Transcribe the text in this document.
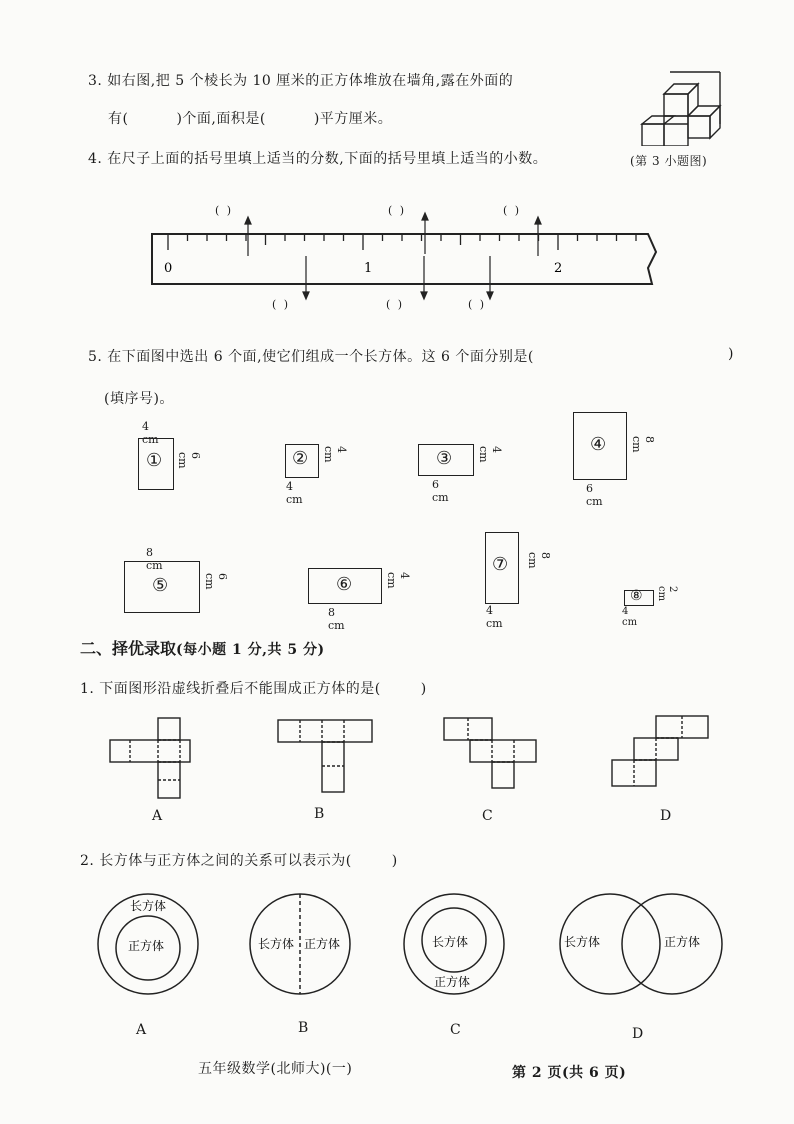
3. 如右图,把 5 个棱长为 10 厘米的正方体堆放在墙角,露在外面的
有(	)个面,面积是(	)平方厘米。
(第 3 小题图)
4. 在尺子上面的括号里填上适当的分数,下面的括号里填上适当的小数。
( )	( )	( )
( )	( )	( )
0	1	2
5. 在下面图中选出 6 个面,使它们组成一个长方体。这 6 个面分别是(	)
(填序号)。
4 cm
①	6 cm	②	4 cm
4 cm
③	4 cm
6 cm
④	8 cm
6 cm
8 cm
⑤	6 cm	⑥	4 cm
8 cm
⑦	8 cm
4 cm
⑧	2 cm
4 cm
二、择优录取(每小题 1 分,共 5 分)
1. 下面图形沿虚线折叠后不能围成正方体的是(	)
A	B	C	D
2. 长方体与正方体之间的关系可以表示为(	)
长方体
正方体	长方体 正方体	长方体
正方体
长方体	正方体
A	B	C	D
五年级数学(北师大)(一)	第 2 页(共 6 页)
